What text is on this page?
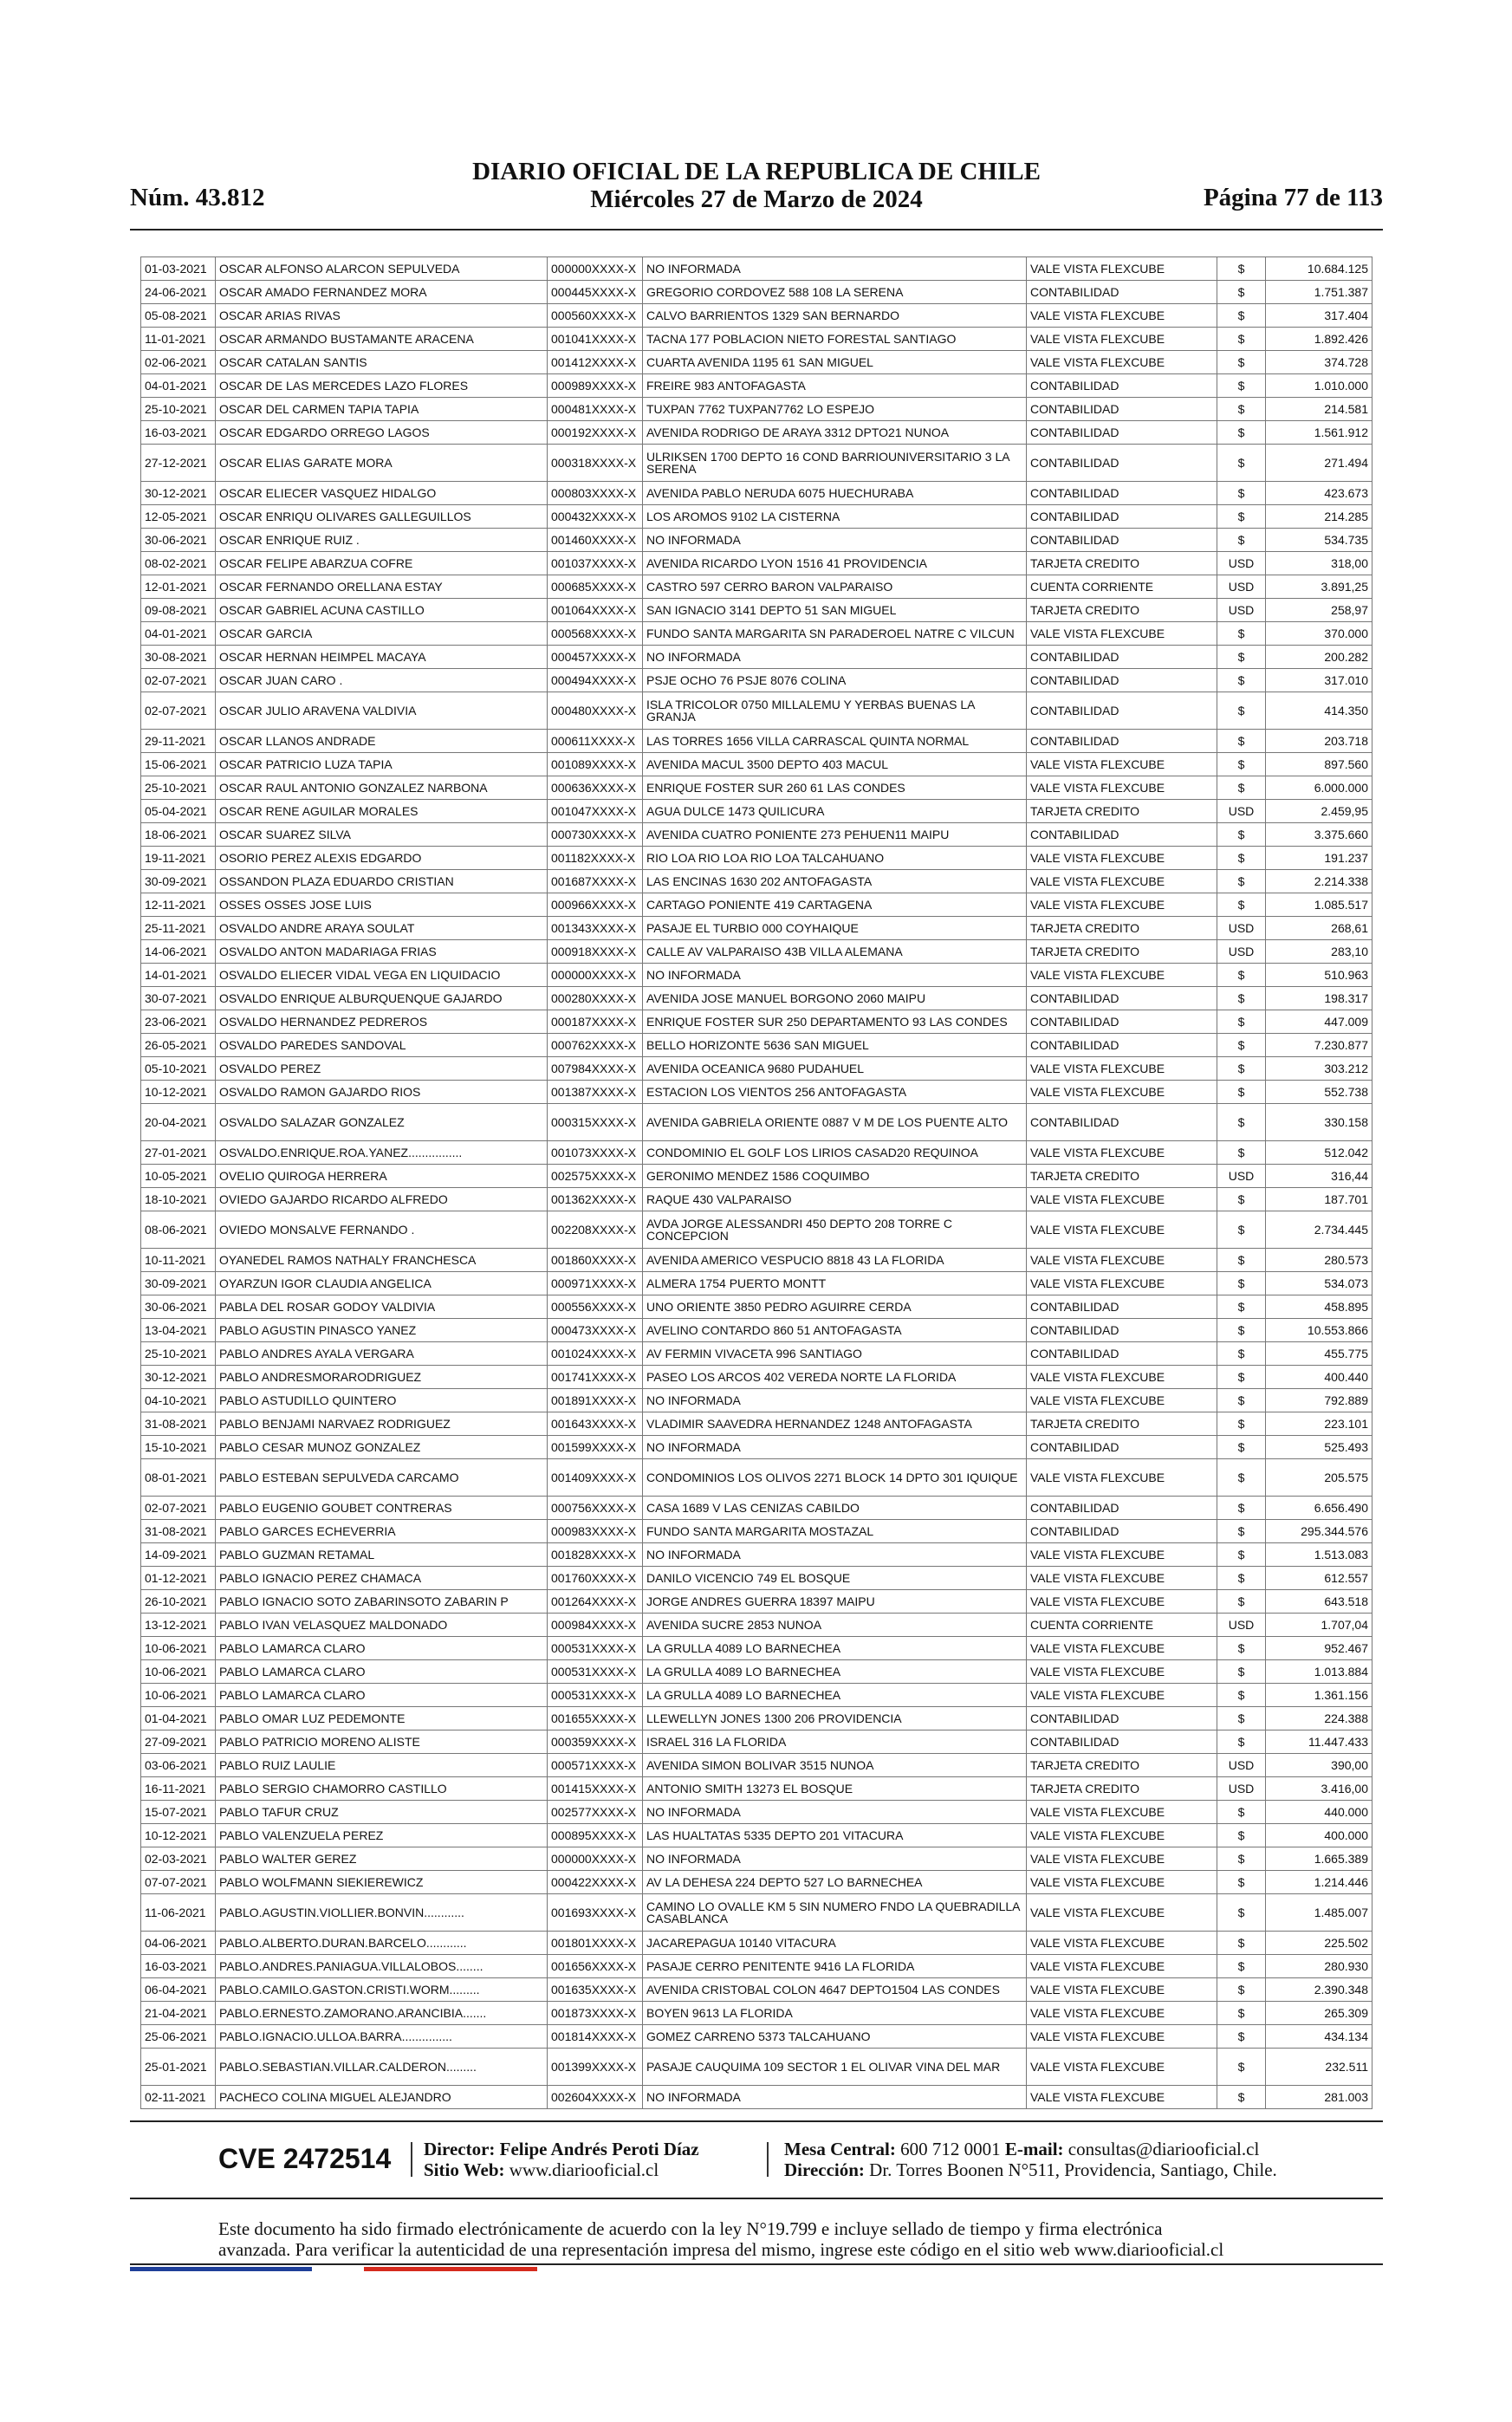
Núm. 43.812
DIARIO OFICIAL DE LA REPUBLICA DE CHILE
Miércoles 27 de Marzo de 2024	Página 77 de 113
01-03-2021	OSCAR ALFONSO ALARCON SEPULVEDA	000000XXXX-X	NO INFORMADA	VALE VISTA FLEXCUBE	$	10.684.125
24-06-2021	OSCAR AMADO FERNANDEZ MORA	000445XXXX-X	GREGORIO CORDOVEZ 588 108 LA SERENA	CONTABILIDAD	$	1.751.387
05-08-2021	OSCAR ARIAS RIVAS	000560XXXX-X	CALVO BARRIENTOS 1329 SAN BERNARDO	VALE VISTA FLEXCUBE	$	317.404
11-01-2021	OSCAR ARMANDO BUSTAMANTE ARACENA	001041XXXX-X	TACNA 177 POBLACION NIETO FORESTAL SANTIAGO	VALE VISTA FLEXCUBE	$	1.892.426
02-06-2021	OSCAR CATALAN SANTIS	001412XXXX-X	CUARTA AVENIDA 1195 61 SAN MIGUEL	VALE VISTA FLEXCUBE	$	374.728
04-01-2021	OSCAR DE LAS MERCEDES LAZO FLORES	000989XXXX-X	FREIRE 983 ANTOFAGASTA	CONTABILIDAD	$	1.010.000
25-10-2021	OSCAR DEL CARMEN TAPIA TAPIA	000481XXXX-X	TUXPAN 7762 TUXPAN7762 LO ESPEJO	CONTABILIDAD	$	214.581
16-03-2021	OSCAR EDGARDO ORREGO LAGOS	000192XXXX-X	AVENIDA RODRIGO DE ARAYA 3312 DPTO21 NUNOA	CONTABILIDAD	$	1.561.912
27-12-2021	OSCAR ELIAS GARATE MORA	000318XXXX-X	ULRIKSEN 1700 DEPTO 16 COND BARRIOUNIVERSITARIO 3 LA SERENA	CONTABILIDAD	$	271.494
30-12-2021	OSCAR ELIECER VASQUEZ HIDALGO	000803XXXX-X	AVENIDA PABLO NERUDA 6075 HUECHURABA	CONTABILIDAD	$	423.673
12-05-2021	OSCAR ENRIQU OLIVARES GALLEGUILLOS	000432XXXX-X	LOS AROMOS 9102 LA CISTERNA	CONTABILIDAD	$	214.285
30-06-2021	OSCAR ENRIQUE RUIZ .	001460XXXX-X	NO INFORMADA	CONTABILIDAD	$	534.735
08-02-2021	OSCAR FELIPE ABARZUA COFRE	001037XXXX-X	AVENIDA RICARDO LYON 1516 41 PROVIDENCIA	TARJETA CREDITO	USD	318,00
12-01-2021	OSCAR FERNANDO ORELLANA ESTAY	000685XXXX-X	CASTRO 597 CERRO BARON VALPARAISO	CUENTA CORRIENTE	USD	3.891,25
09-08-2021	OSCAR GABRIEL ACUNA CASTILLO	001064XXXX-X	SAN IGNACIO 3141 DEPTO 51 SAN MIGUEL	TARJETA CREDITO	USD	258,97
04-01-2021	OSCAR GARCIA	000568XXXX-X	FUNDO SANTA MARGARITA SN PARADEROEL NATRE C VILCUN	VALE VISTA FLEXCUBE	$	370.000
30-08-2021	OSCAR HERNAN HEIMPEL MACAYA	000457XXXX-X	NO INFORMADA	CONTABILIDAD	$	200.282
02-07-2021	OSCAR JUAN CARO .	000494XXXX-X	PSJE OCHO 76 PSJE 8076 COLINA	CONTABILIDAD	$	317.010
02-07-2021	OSCAR JULIO ARAVENA VALDIVIA	000480XXXX-X	ISLA TRICOLOR 0750 MILLALEMU Y YERBAS BUENAS LA GRANJA	CONTABILIDAD	$	414.350
29-11-2021	OSCAR LLANOS ANDRADE	000611XXXX-X	LAS TORRES 1656 VILLA CARRASCAL QUINTA NORMAL	CONTABILIDAD	$	203.718
15-06-2021	OSCAR PATRICIO LUZA TAPIA	001089XXXX-X	AVENIDA MACUL 3500 DEPTO 403 MACUL	VALE VISTA FLEXCUBE	$	897.560
25-10-2021	OSCAR RAUL ANTONIO GONZALEZ NARBONA	000636XXXX-X	ENRIQUE FOSTER SUR 260 61 LAS CONDES	VALE VISTA FLEXCUBE	$	6.000.000
05-04-2021	OSCAR RENE AGUILAR MORALES	001047XXXX-X	AGUA DULCE 1473 QUILICURA	TARJETA CREDITO	USD	2.459,95
18-06-2021	OSCAR SUAREZ SILVA	000730XXXX-X	AVENIDA CUATRO PONIENTE 273 PEHUEN11 MAIPU	CONTABILIDAD	$	3.375.660
19-11-2021	OSORIO PEREZ ALEXIS EDGARDO	001182XXXX-X	RIO LOA RIO LOA RIO LOA TALCAHUANO	VALE VISTA FLEXCUBE	$	191.237
30-09-2021	OSSANDON PLAZA EDUARDO CRISTIAN	001687XXXX-X	LAS ENCINAS 1630 202 ANTOFAGASTA	VALE VISTA FLEXCUBE	$	2.214.338
12-11-2021	OSSES OSSES JOSE LUIS	000966XXXX-X	CARTAGO PONIENTE 419 CARTAGENA	VALE VISTA FLEXCUBE	$	1.085.517
25-11-2021	OSVALDO ANDRE ARAYA SOULAT	001343XXXX-X	PASAJE EL TURBIO 000 COYHAIQUE	TARJETA CREDITO	USD	268,61
14-06-2021	OSVALDO ANTON MADARIAGA FRIAS	000918XXXX-X	CALLE AV VALPARAISO 43B VILLA ALEMANA	TARJETA CREDITO	USD	283,10
14-01-2021	OSVALDO ELIECER VIDAL VEGA EN LIQUIDACIO	000000XXXX-X	NO INFORMADA	VALE VISTA FLEXCUBE	$	510.963
30-07-2021	OSVALDO ENRIQUE ALBURQUENQUE GAJARDO	000280XXXX-X	AVENIDA JOSE MANUEL BORGONO 2060 MAIPU	CONTABILIDAD	$	198.317
23-06-2021	OSVALDO HERNANDEZ PEDREROS	000187XXXX-X	ENRIQUE FOSTER SUR 250 DEPARTAMENTO 93 LAS CONDES	CONTABILIDAD	$	447.009
26-05-2021	OSVALDO PAREDES SANDOVAL	000762XXXX-X	BELLO HORIZONTE 5636 SAN MIGUEL	CONTABILIDAD	$	7.230.877
05-10-2021	OSVALDO PEREZ	007984XXXX-X	AVENIDA OCEANICA 9680 PUDAHUEL	VALE VISTA FLEXCUBE	$	303.212
10-12-2021	OSVALDO RAMON GAJARDO RIOS	001387XXXX-X	ESTACION LOS VIENTOS 256 ANTOFAGASTA	VALE VISTA FLEXCUBE	$	552.738
20-04-2021	OSVALDO SALAZAR GONZALEZ	000315XXXX-X	AVENIDA GABRIELA ORIENTE 0887 V M DE LOS PUENTE ALTO	CONTABILIDAD	$	330.158
27-01-2021	OSVALDO.ENRIQUE.ROA.YANEZ................	001073XXXX-X	CONDOMINIO EL GOLF LOS LIRIOS CASAD20 REQUINOA	VALE VISTA FLEXCUBE	$	512.042
10-05-2021	OVELIO QUIROGA HERRERA	002575XXXX-X	GERONIMO MENDEZ 1586 COQUIMBO	TARJETA CREDITO	USD	316,44
18-10-2021	OVIEDO GAJARDO RICARDO ALFREDO	001362XXXX-X	RAQUE 430 VALPARAISO	VALE VISTA FLEXCUBE	$	187.701
08-06-2021	OVIEDO MONSALVE FERNANDO .	002208XXXX-X	AVDA JORGE ALESSANDRI 450 DEPTO 208 TORRE C CONCEPCION	VALE VISTA FLEXCUBE	$	2.734.445
10-11-2021	OYANEDEL RAMOS NATHALY FRANCHESCA	001860XXXX-X	AVENIDA AMERICO VESPUCIO 8818 43 LA FLORIDA	VALE VISTA FLEXCUBE	$	280.573
30-09-2021	OYARZUN IGOR CLAUDIA ANGELICA	000971XXXX-X	ALMERA 1754 PUERTO MONTT	VALE VISTA FLEXCUBE	$	534.073
30-06-2021	PABLA DEL ROSAR GODOY VALDIVIA	000556XXXX-X	UNO ORIENTE 3850 PEDRO AGUIRRE CERDA	CONTABILIDAD	$	458.895
13-04-2021	PABLO AGUSTIN PINASCO YANEZ	000473XXXX-X	AVELINO CONTARDO 860 51 ANTOFAGASTA	CONTABILIDAD	$	10.553.866
25-10-2021	PABLO ANDRES AYALA VERGARA	001024XXXX-X	AV FERMIN VIVACETA 996 SANTIAGO	CONTABILIDAD	$	455.775
30-12-2021	PABLO ANDRESMORARODRIGUEZ	001741XXXX-X	PASEO LOS ARCOS 402 VEREDA NORTE LA FLORIDA	VALE VISTA FLEXCUBE	$	400.440
04-10-2021	PABLO ASTUDILLO QUINTERO	001891XXXX-X	NO INFORMADA	VALE VISTA FLEXCUBE	$	792.889
31-08-2021	PABLO BENJAMI NARVAEZ RODRIGUEZ	001643XXXX-X	VLADIMIR SAAVEDRA HERNANDEZ 1248 ANTOFAGASTA	TARJETA CREDITO	$	223.101
15-10-2021	PABLO CESAR MUNOZ GONZALEZ	001599XXXX-X	NO INFORMADA	CONTABILIDAD	$	525.493
08-01-2021	PABLO ESTEBAN SEPULVEDA CARCAMO	001409XXXX-X	CONDOMINIOS LOS OLIVOS 2271 BLOCK 14 DPTO 301 IQUIQUE	VALE VISTA FLEXCUBE	$	205.575
02-07-2021	PABLO EUGENIO GOUBET CONTRERAS	000756XXXX-X	CASA 1689 V LAS CENIZAS CABILDO	CONTABILIDAD	$	6.656.490
31-08-2021	PABLO GARCES ECHEVERRIA	000983XXXX-X	FUNDO SANTA MARGARITA MOSTAZAL	CONTABILIDAD	$	295.344.576
14-09-2021	PABLO GUZMAN RETAMAL	001828XXXX-X	NO INFORMADA	VALE VISTA FLEXCUBE	$	1.513.083
01-12-2021	PABLO IGNACIO PEREZ CHAMACA	001760XXXX-X	DANILO VICENCIO 749 EL BOSQUE	VALE VISTA FLEXCUBE	$	612.557
26-10-2021	PABLO IGNACIO SOTO ZABARINSOTO ZABARIN P	001264XXXX-X	JORGE ANDRES GUERRA 18397 MAIPU	VALE VISTA FLEXCUBE	$	643.518
13-12-2021	PABLO IVAN VELASQUEZ MALDONADO	000984XXXX-X	AVENIDA SUCRE 2853 NUNOA	CUENTA CORRIENTE	USD	1.707,04
10-06-2021	PABLO LAMARCA CLARO	000531XXXX-X	LA GRULLA 4089 LO BARNECHEA	VALE VISTA FLEXCUBE	$	952.467
10-06-2021	PABLO LAMARCA CLARO	000531XXXX-X	LA GRULLA 4089 LO BARNECHEA	VALE VISTA FLEXCUBE	$	1.013.884
10-06-2021	PABLO LAMARCA CLARO	000531XXXX-X	LA GRULLA 4089 LO BARNECHEA	VALE VISTA FLEXCUBE	$	1.361.156
01-04-2021	PABLO OMAR LUZ PEDEMONTE	001655XXXX-X	LLEWELLYN JONES 1300 206 PROVIDENCIA	CONTABILIDAD	$	224.388
27-09-2021	PABLO PATRICIO MORENO ALISTE	000359XXXX-X	ISRAEL 316 LA FLORIDA	CONTABILIDAD	$	11.447.433
03-06-2021	PABLO RUIZ LAULIE	000571XXXX-X	AVENIDA SIMON BOLIVAR 3515 NUNOA	TARJETA CREDITO	USD	390,00
16-11-2021	PABLO SERGIO CHAMORRO CASTILLO	001415XXXX-X	ANTONIO SMITH 13273 EL BOSQUE	TARJETA CREDITO	USD	3.416,00
15-07-2021	PABLO TAFUR CRUZ	002577XXXX-X	NO INFORMADA	VALE VISTA FLEXCUBE	$	440.000
10-12-2021	PABLO VALENZUELA PEREZ	000895XXXX-X	LAS HUALTATAS 5335 DEPTO 201 VITACURA	VALE VISTA FLEXCUBE	$	400.000
02-03-2021	PABLO WALTER GEREZ	000000XXXX-X	NO INFORMADA	VALE VISTA FLEXCUBE	$	1.665.389
07-07-2021	PABLO WOLFMANN SIEKIEREWICZ	000422XXXX-X	AV LA DEHESA 224 DEPTO 527 LO BARNECHEA	VALE VISTA FLEXCUBE	$	1.214.446
11-06-2021	PABLO.AGUSTIN.VIOLLIER.BONVIN............	001693XXXX-X	CAMINO LO OVALLE KM 5 SIN NUMERO FNDO LA QUEBRADILLA CASABLANCA	VALE VISTA FLEXCUBE	$	1.485.007
04-06-2021	PABLO.ALBERTO.DURAN.BARCELO............	001801XXXX-X	JACAREPAGUA 10140 VITACURA	VALE VISTA FLEXCUBE	$	225.502
16-03-2021	PABLO.ANDRES.PANIAGUA.VILLALOBOS........	001656XXXX-X	PASAJE CERRO PENITENTE 9416 LA FLORIDA	VALE VISTA FLEXCUBE	$	280.930
06-04-2021	PABLO.CAMILO.GASTON.CRISTI.WORM.........	001635XXXX-X	AVENIDA CRISTOBAL COLON 4647 DEPTO1504 LAS CONDES	VALE VISTA FLEXCUBE	$	2.390.348
21-04-2021	PABLO.ERNESTO.ZAMORANO.ARANCIBIA.......	001873XXXX-X	BOYEN 9613 LA FLORIDA	VALE VISTA FLEXCUBE	$	265.309
25-06-2021	PABLO.IGNACIO.ULLOA.BARRA...............	001814XXXX-X	GOMEZ CARRENO 5373 TALCAHUANO	VALE VISTA FLEXCUBE	$	434.134
25-01-2021	PABLO.SEBASTIAN.VILLAR.CALDERON.........	001399XXXX-X	PASAJE CAUQUIMA 109 SECTOR 1 EL OLIVAR VINA DEL MAR	VALE VISTA FLEXCUBE	$	232.511
02-11-2021	PACHECO COLINA MIGUEL ALEJANDRO	002604XXXX-X	NO INFORMADA	VALE VISTA FLEXCUBE	$	281.003
CVE 2472514 Director: Felipe Andrés Peroti Díaz
Sitio Web: www.diariooficial.cl
Mesa Central: 600 712 0001 E-mail: consultas@diariooficial.cl
Dirección: Dr. Torres Boonen N°511, Providencia, Santiago, Chile.
Este documento ha sido firmado electrónicamente de acuerdo con la ley N°19.799 e incluye sellado de tiempo y firma electrónica
avanzada. Para verificar la autenticidad de una representación impresa del mismo, ingrese este código en el sitio web www.diariooficial.cl
